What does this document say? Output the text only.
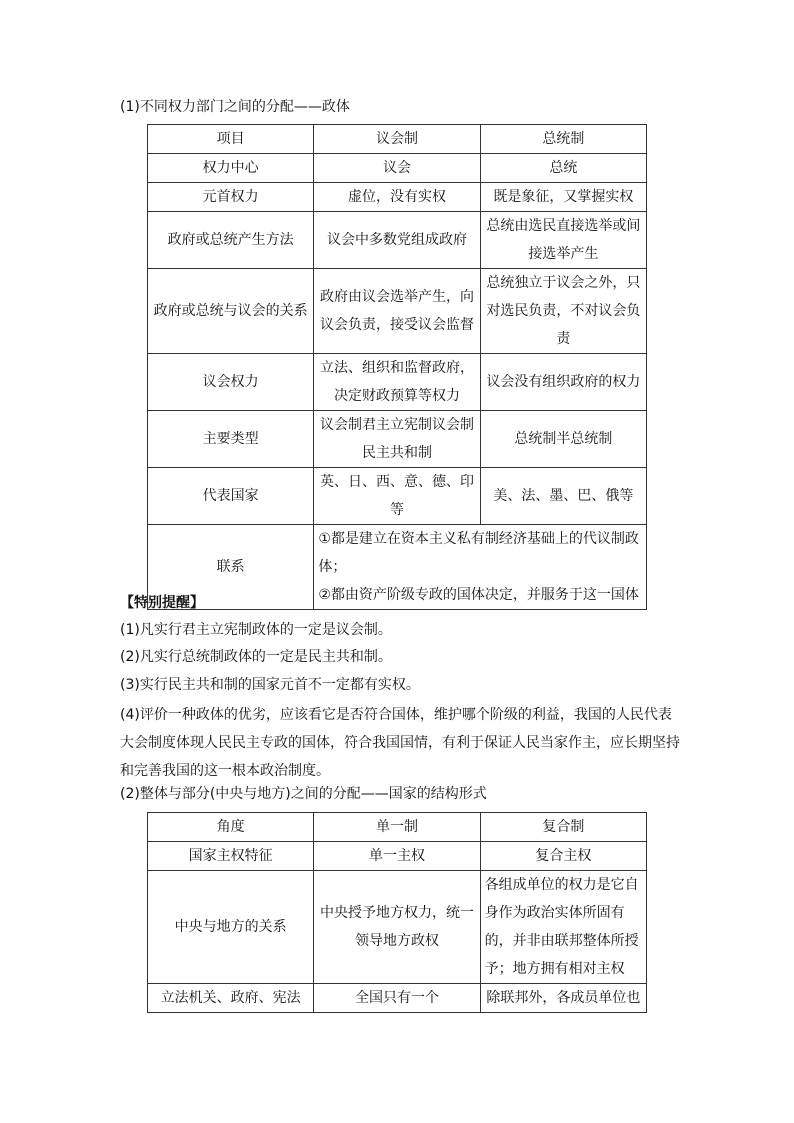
(1)不同权力部门之间的分配——政体
项目	议会制	总统制
权力中心	议会	总统
元首权力	虚位，没有实权	既是象征，又掌握实权
政府或总统产生方法	议会中多数党组成政府	总统由选民直接选举或间接选举产生
政府或总统与议会的关系	政府由议会选举产生，向议会负责，接受议会监督	总统独立于议会之外，只对选民负责，不对议会负责
议会权力	立法、组织和监督政府，决定财政预算等权力	议会没有组织政府的权力
主要类型	议会制君主立宪制议会制民主共和制	总统制半总统制
代表国家	英、日、西、意、德、印等	美、法、墨、巴、俄等
联系	①都是建立在资本主义私有制经济基础上的代议制政体；
②都由资产阶级专政的国体决定，并服务于这一国体	
【特别提醒】
(1)凡实行君主立宪制政体的一定是议会制。
(2)凡实行总统制政体的一定是民主共和制。
(3)实行民主共和制的国家元首不一定都有实权。
(4)评价一种政体的优劣，应该看它是否符合国体，维护哪个阶级的利益，我国的人民代表大会制度体现人民民主专政的国体，符合我国国情，有利于保证人民当家作主，应长期坚持和完善我国的这一根本政治制度。
(2)整体与部分(中央与地方)之间的分配——国家的结构形式
角度	单一制	复合制
国家主权特征	单一主权	复合主权
中央与地方的关系	中央授予地方权力，统一领导地方政权	各组成单位的权力是它自身作为政治实体所固有的，并非由联邦整体所授予；地方拥有相对主权
立法机关、政府、宪法	全国只有一个	除联邦外，各成员单位也
